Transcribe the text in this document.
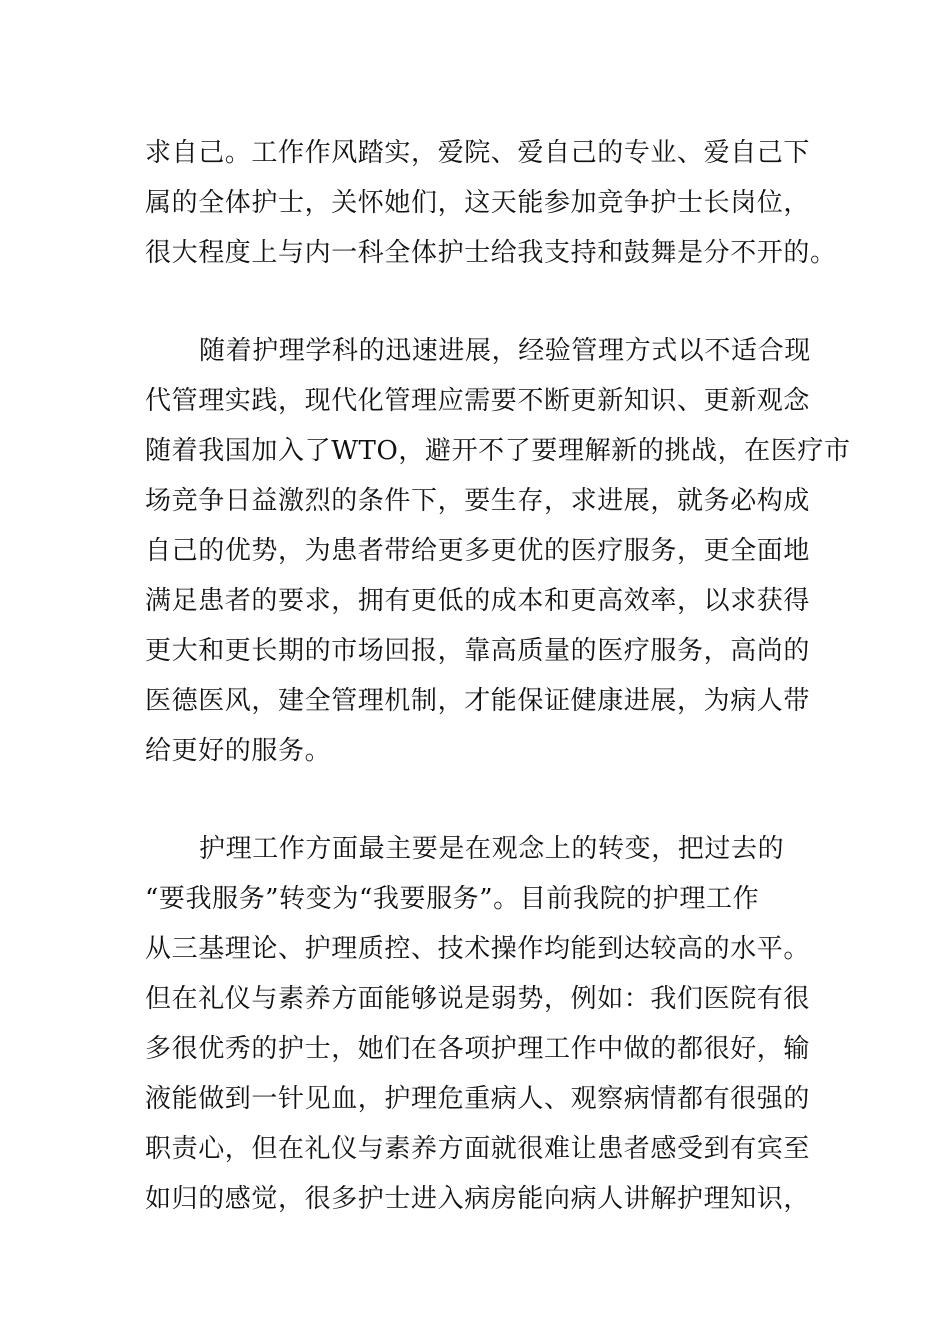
求自己。工作作风踏实，爱院、爱自己的专业、爱自己下
属的全体护士，关怀她们，这天能参加竞争护士长岗位，
很大程度上与内一科全体护士给我支持和鼓舞是分不开的。
随着护理学科的迅速进展，经验管理方式以不适合现
代管理实践，现代化管理应需要不断更新知识、更新观念
随着我国加入了WTO，避开不了要理解新的挑战，在医疗市
场竞争日益激烈的条件下，要生存，求进展，就务必构成
自己的优势，为患者带给更多更优的医疗服务，更全面地
满足患者的要求，拥有更低的成本和更高效率，以求获得
更大和更长期的市场回报，靠高质量的医疗服务，高尚的
医德医风，建全管理机制，才能保证健康进展，为病人带
给更好的服务。
护理工作方面最主要是在观念上的转变，把过去的
“要我服务”转变为“我要服务”。目前我院的护理工作
从三基理论、护理质控、技术操作均能到达较高的水平。
但在礼仪与素养方面能够说是弱势，例如：我们医院有很
多很优秀的护士，她们在各项护理工作中做的都很好，输
液能做到一针见血，护理危重病人、观察病情都有很强的
职责心，但在礼仪与素养方面就很难让患者感受到有宾至
如归的感觉，很多护士进入病房能向病人讲解护理知识，
